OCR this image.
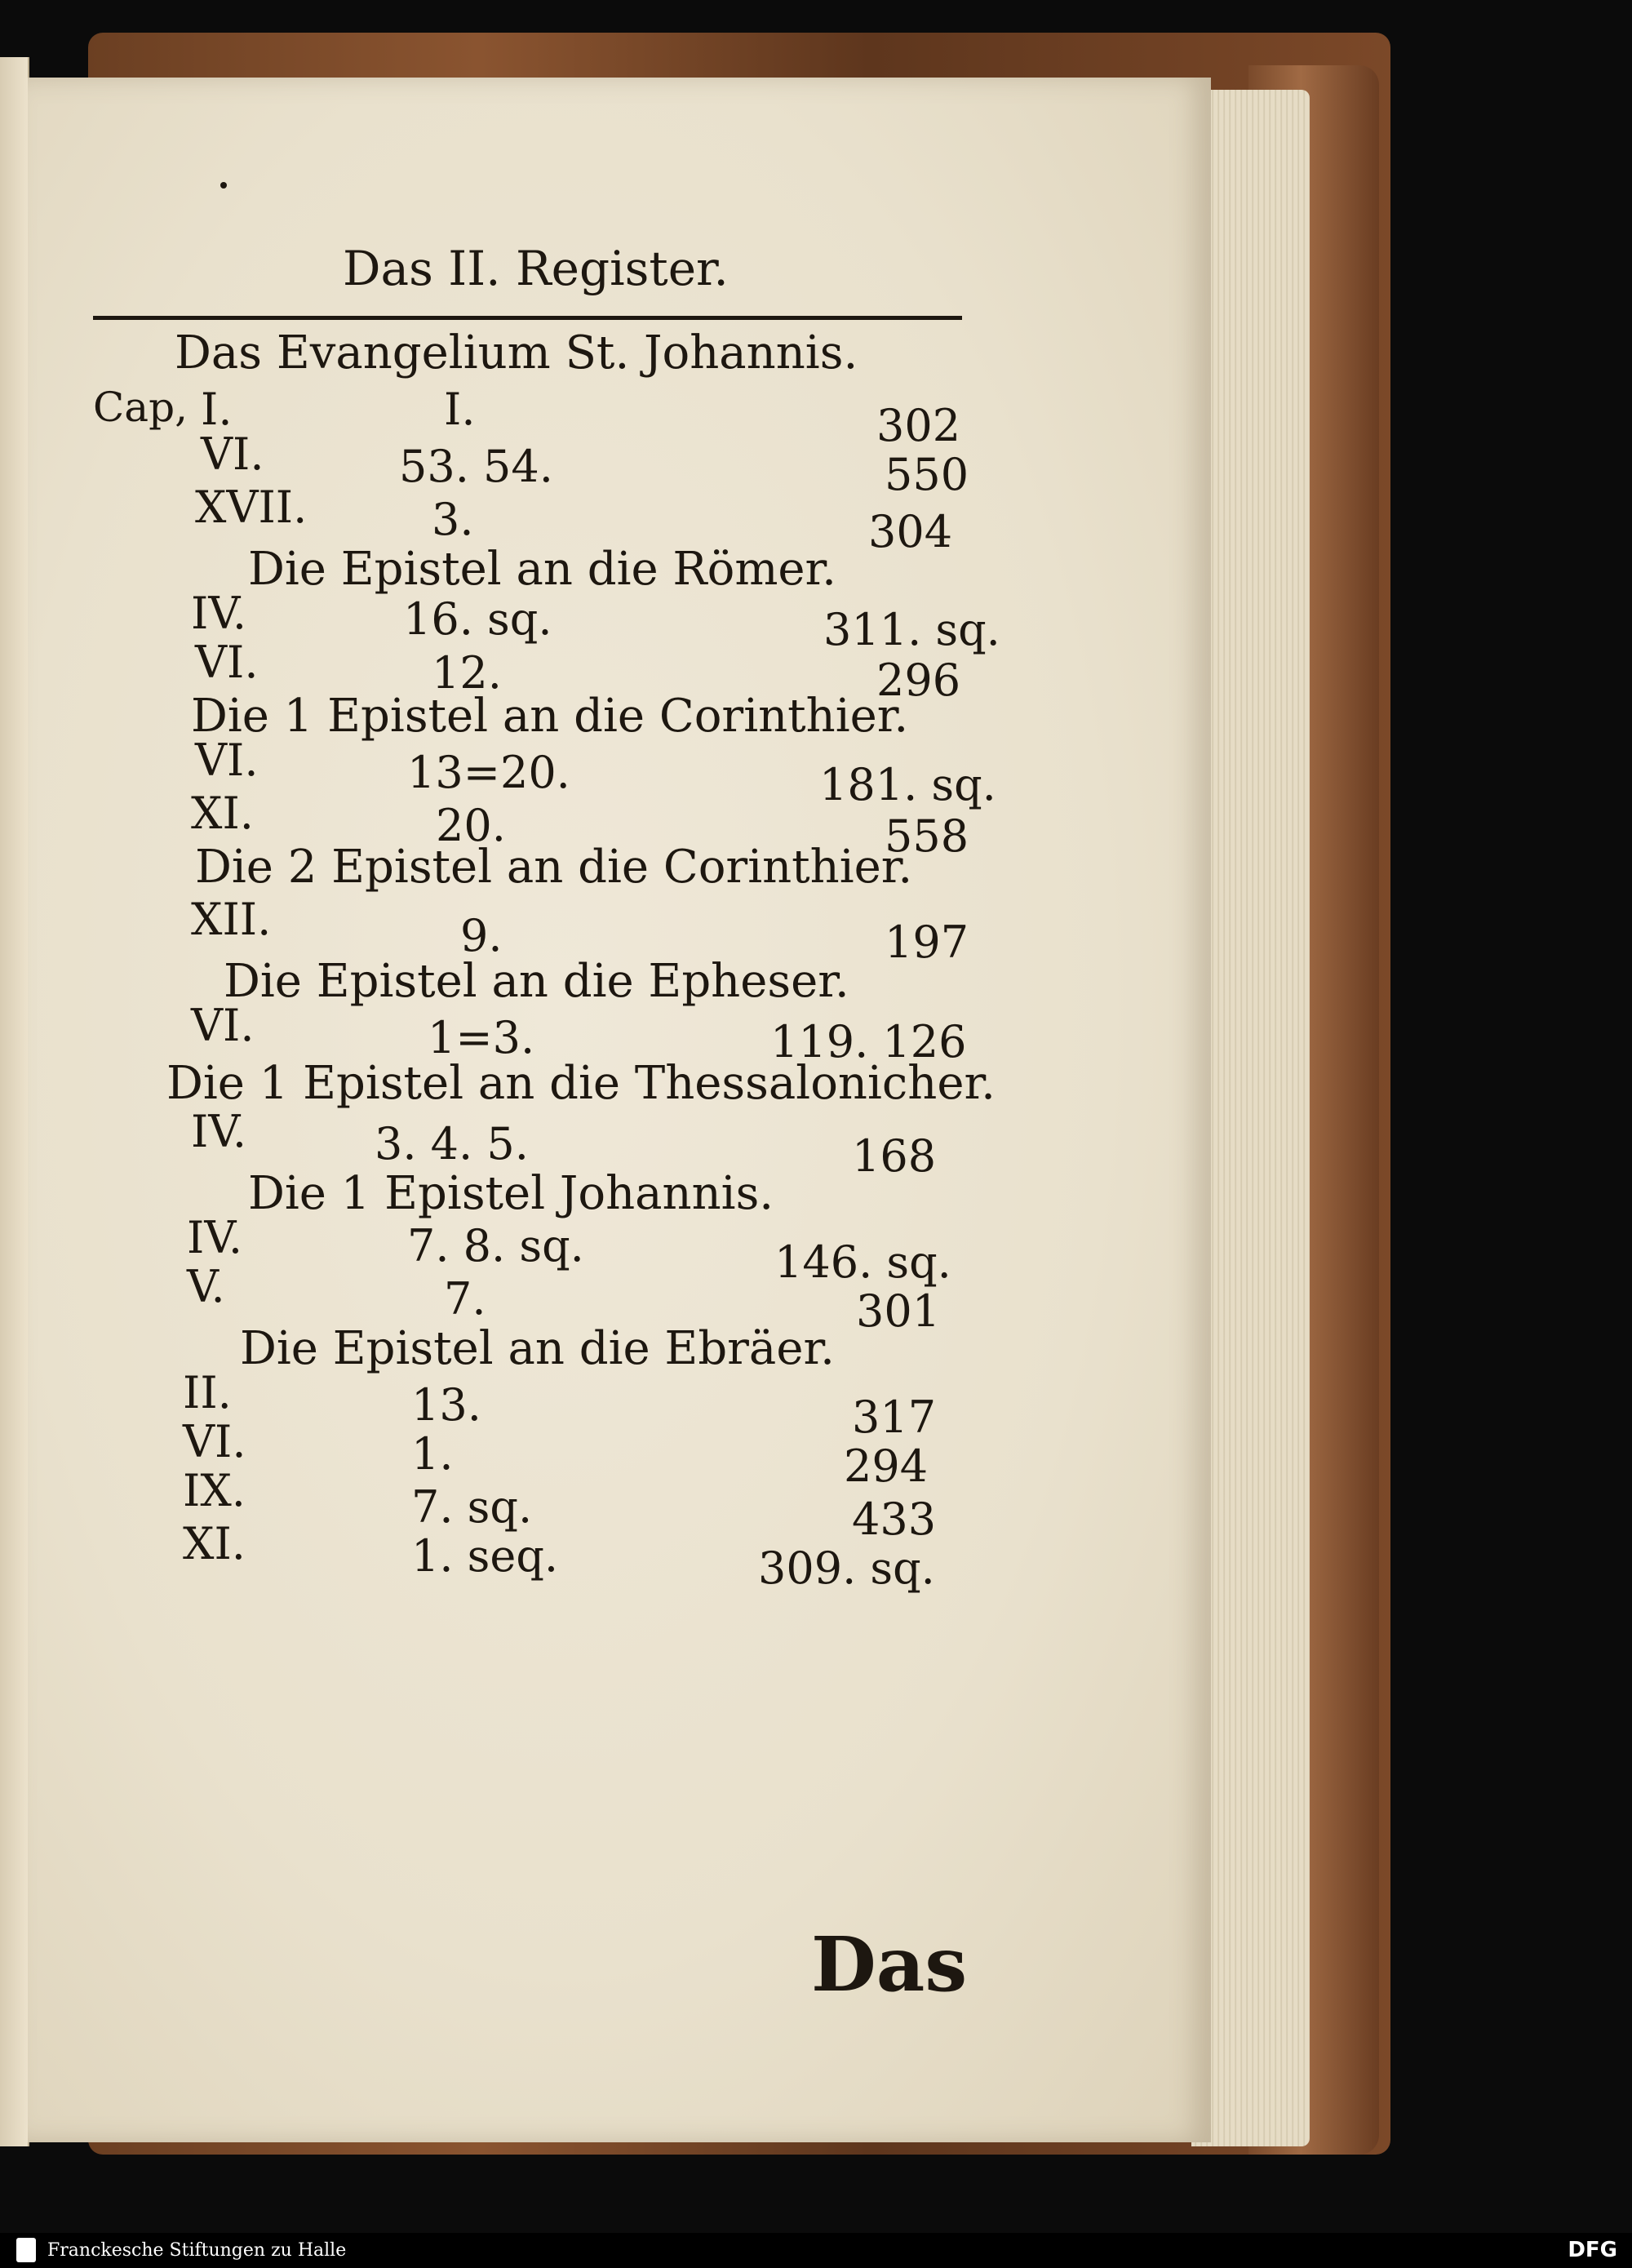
Das II. Register.
Das Evangelium St. Johannis.
Cap, I.	I.	302
VI.	53. 54.	550
XVII.	3.	304
Die Epistel an die Römer.
IV.	16. sq.	311. sq.
VI.	12.	296
Die 1 Epistel an die Corinthier.
VI.	13=20.	181. sq.
XI.	20.	558
Die 2 Epistel an die Corinthier.
XII.	9.	197
Die Epistel an die Epheser.
VI.	1=3.	119. 126
Die 1 Epistel an die Thessalonicher.
IV.	3. 4. 5.	168
Die 1 Epistel Johannis.
IV.	7. 8. sq.	146. sq.
V.	7.	301
Die Epistel an die Ebräer.
II.	13.	317
VI.	1.	294
IX.	7. sq.	433
XI.	1. seq.	309. sq.
Das
Franckesche Stiftungen zu Halle	DFG
